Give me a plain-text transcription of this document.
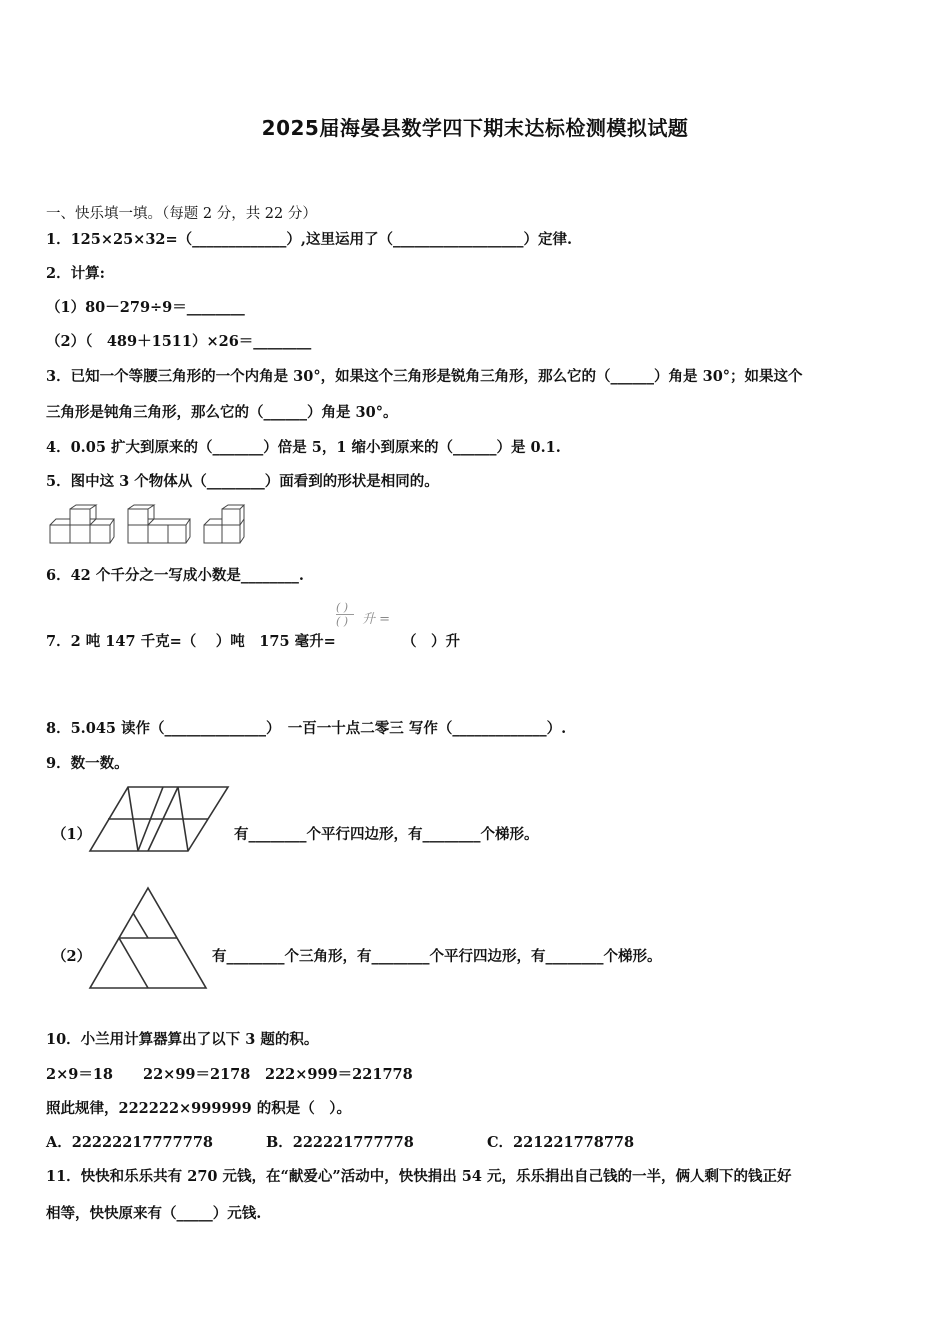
2025届海晏县数学四下期末达标检测模拟试题
一、快乐填一填。（每题 2 分，共 22 分）
1．125×25×32=（_____________）,这里运用了（__________________）定律.
2．计算:
（1）80－279÷9＝________
（2）（　489＋1511）×26＝________
3．已知一个等腰三角形的一个内角是 30°，如果这个三角形是锐角三角形，那么它的（______）角是 30°；如果这个
三角形是钝角三角形，那么它的（______）角是 30°。
4．0.05 扩大到原来的（_______）倍是 5，1 缩小到原来的（______）是 0.1.
5．图中这 3 个物体从（________）面看到的形状是相同的。
6．42 个千分之一写成小数是________.
7．2 吨 147 千克=（　 ）吨　175 毫升=
( )
( )	升 =
（　）升
8．5.045 读作（______________）　一百一十点二零三 写作（_____________）.
9．数一数。
（1）	有________个平行四边形，有________个梯形。
（2）	有________个三角形，有________个平行四边形，有________个梯形。
10．小兰用计算器算出了以下 3 题的积。
2×9＝18 22×99＝2178 222×999＝221778
照此规律，222222×999999 的积是（　）。
A．22222217777778	B．222221777778	C．221221778778
11．快快和乐乐共有 270 元钱，在“献爱心”活动中，快快捐出 54 元，乐乐捐出自己钱的一半，俩人剩下的钱正好
相等，快快原来有（_____）元钱.
